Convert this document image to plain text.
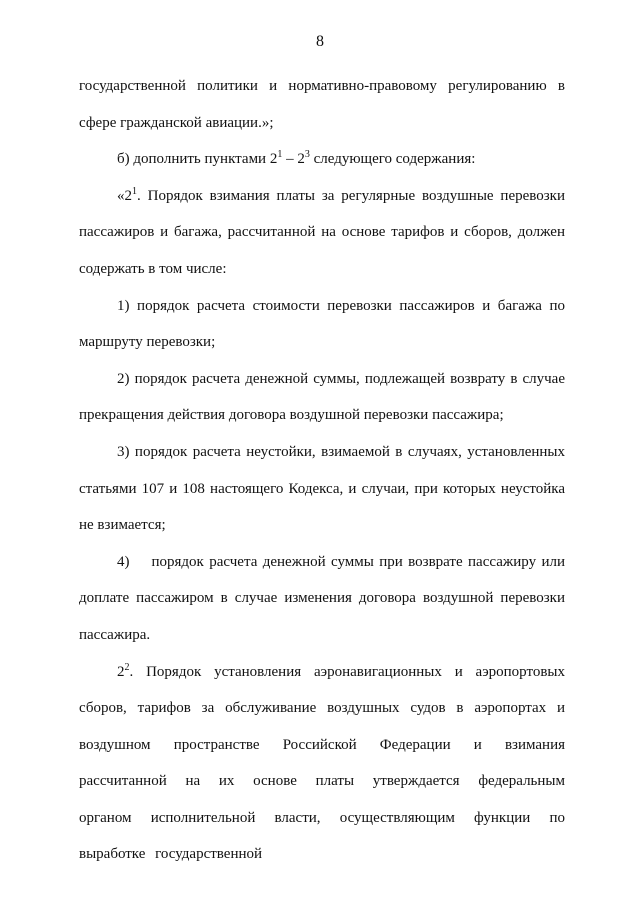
8

государственной политики и нормативно-правовому регулированию в сфере гражданской авиации.»;

б) дополнить пунктами $2^1 - 2^3$ следующего содержания:

«$2^1$. Порядок взимания платы за регулярные воздушные перевозки пассажиров и багажа, рассчитанной на основе тарифов и сборов, должен содержать в том числе:

1) порядок расчета стоимости перевозки пассажиров и багажа по маршруту перевозки;

2) порядок расчета денежной суммы, подлежащей возврату в случае прекращения действия договора воздушной перевозки пассажира;

3) порядок расчета неустойки, взимаемой в случаях, установленных статьями 107 и 108 настоящего Кодекса, и случаи, при которых неустойка не взимается;

4) порядок расчета денежной суммы при возврате пассажиру или доплате пассажиром в случае изменения договора воздушной перевозки пассажира.

$2^2$. Порядок установления аэронавигационных и аэропортовых сборов, тарифов за обслуживание воздушных судов в аэропортах и воздушном пространстве Российской Федерации и взимания рассчитанной на их основе платы утверждается федеральным органом исполнительной власти, осуществляющим функции по выработке государственной
